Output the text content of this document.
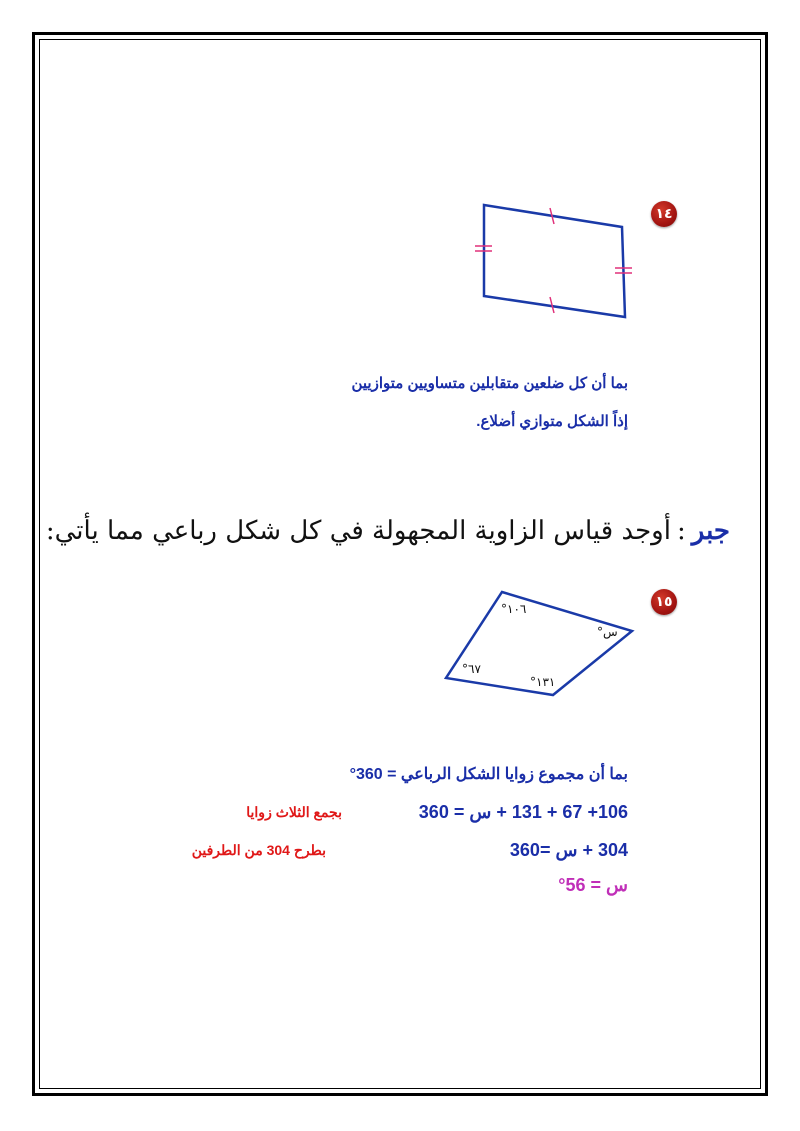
١٤
بما أن كل ضلعين متقابلين متساويين متوازيين
إذاً الشكل متوازي أضلاع.
جبر:أوجد قياس الزاوية المجهولة في كل شكل رباعي مما يأتي:
١٥
°١٠٦
°س
°١٣١
°٦٧
بما أن مجموع زوايا الشكل الرباعي = 360°
106+ 67 + 131 + س = 360
بجمع الثلاث زوايا
304 + س =360
بطرح 304 من الطرفين
س = 56°
